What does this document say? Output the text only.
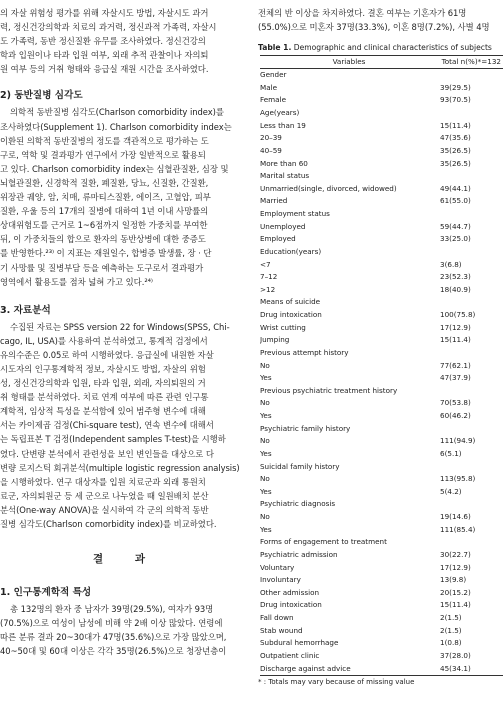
의 자살 위험성 평가를 위해 자살시도 방법, 자살시도 과거

력, 정신건강의학과 치료의 과거력, 정신과적 가족력, 자살시

도 가족력, 동반 정신질환 유무를 조사하였다. 정신건강의

학과 입원이나 타과 입원 여부, 외래 추적 관찰이나 자의퇴

원 여부 등의 거취 형태와 응급실 재원 시간을 조사하였다.

2) 동반질병 심각도

의학적 동반질병 심각도(Charlson comorbidity index)를

조사하였다(Supplement 1). Charlson comorbidity index는

이환된 의학적 동반질병의 정도를 객관적으로 평가하는 도

구로, 역학 및 결과평가 연구에서 가장 일반적으로 활용되

고 있다. Charlson comorbidity index는 심혈관질환, 심장 및

뇌혈관질환, 신경학적 질환, 폐질환, 당뇨, 신질환, 간질환,

위장관 궤양, 암, 치매, 류마티스질환, 에이즈, 고혈압, 피부

질환, 우울 등의 17개의 질병에 대하여 1년 이내 사망률의

상대위험도를 근거로 1~6점까지 일정한 가중치를 부여한

뒤, 이 가중치들의 합으로 환자의 동반상병에 대한 중증도

를 반영한다.²³⁾ 이 지표는 재원일수, 합병증 발생률, 장 · 단

기 사망률 및 질병부담 등을 예측하는 도구로서 결과평가

영역에서 활용도를 점차 넓혀 가고 있다.²⁴⁾

3. 자료분석

수집된 자료는 SPSS version 22 for Windows(SPSS, Chi-

cago, IL, USA)를 사용하여 분석하였고, 통계적 검정에서

유의수준은 0.05로 하여 시행하였다. 응급실에 내원한 자살

시도자의 인구통계학적 정보, 자살시도 방법, 자살의 위험

성, 정신건강의학과 입원, 타과 입원, 외래, 자의퇴원의 거

취 형태를 분석하였다. 치료 연계 여부에 따른 관련 인구통

계학적, 임상적 특성을 분석함에 있어 범주형 변수에 대해

서는 카이제곱 검정(Chi-square test), 연속 변수에 대해서

는 독립표본 T 검정(Independent samples T-test)을 시행하

였다. 단변량 분석에서 관련성을 보인 변인들을 대상으로 다

변량 로지스틱 회귀분석(multiple logistic regression analysis)

을 시행하였다. 연구 대상자를 입원 치료군과 외래 통원치

료군, 자의퇴원군 등 세 군으로 나누었을 때 일원배치 분산

분석(One-way ANOVA)을 실시하여 각 군의 의학적 동반

질병 심각도(Charlson comorbidity index)를 비교하였다.

결 과

1. 인구통계학적 특성

총 132명의 환자 중 남자가 39명(29.5%), 여자가 93명

(70.5%)으로 여성이 남성에 비해 약 2배 이상 많았다. 연령에

따른 분류 결과 20~30대가 47명(35.6%)으로 가장 많았으며,

40~50대 및 60대 이상은 각각 35명(26.5%)으로 청장년층이

전체의 반 이상을 차지하였다. 결혼 여부는 기혼자가 61명

(55.0%)으로 미혼자 37명(33.3%), 이혼 8명(7.2%), 사별 4명

Table 1. Demographic and clinical characteristics of subjects

Variables	Total n(%)*=132
Gender	
Male	39(29.5)
Female	93(70.5)
Age(years)	
Less than 19	15(11.4)
20–39	47(35.6)
40–59	35(26.5)
More than 60	35(26.5)
Marital status	
Unmarried(single, divorced, widowed)	49(44.1)
Married	61(55.0)
Employment status	
Unemployed	59(44.7)
Employed	33(25.0)
Education(years)	
<7	3(6.8)
7–12	23(52.3)
>12	18(40.9)
Means of suicide	
Drug intoxication	100(75.8)
Wrist cutting	17(12.9)
Jumping	15(11.4)
Previous attempt history	
No	77(62.1)
Yes	47(37.9)
Previous psychiatric treatment history	
No	70(53.8)
Yes	60(46.2)
Psychiatric family history	
No	111(94.9)
Yes	6(5.1)
Suicidal family history	
No	113(95.8)
Yes	5(4.2)
Psychiatric diagnosis	
No	19(14.6)
Yes	111(85.4)
Forms of engagement to treatment	
Psychiatric admission	30(22.7)
Voluntary	17(12.9)
Involuntary	13(9.8)
Other admission	20(15.2)
Drug intoxication	15(11.4)
Fall down	2(1.5)
Stab wound	2(1.5)
Subdural hemorrhage	1(0.8)
Outpatient clinic	37(28.0)
Discharge against advice	45(34.1)

* : Totals may vary because of missing value
